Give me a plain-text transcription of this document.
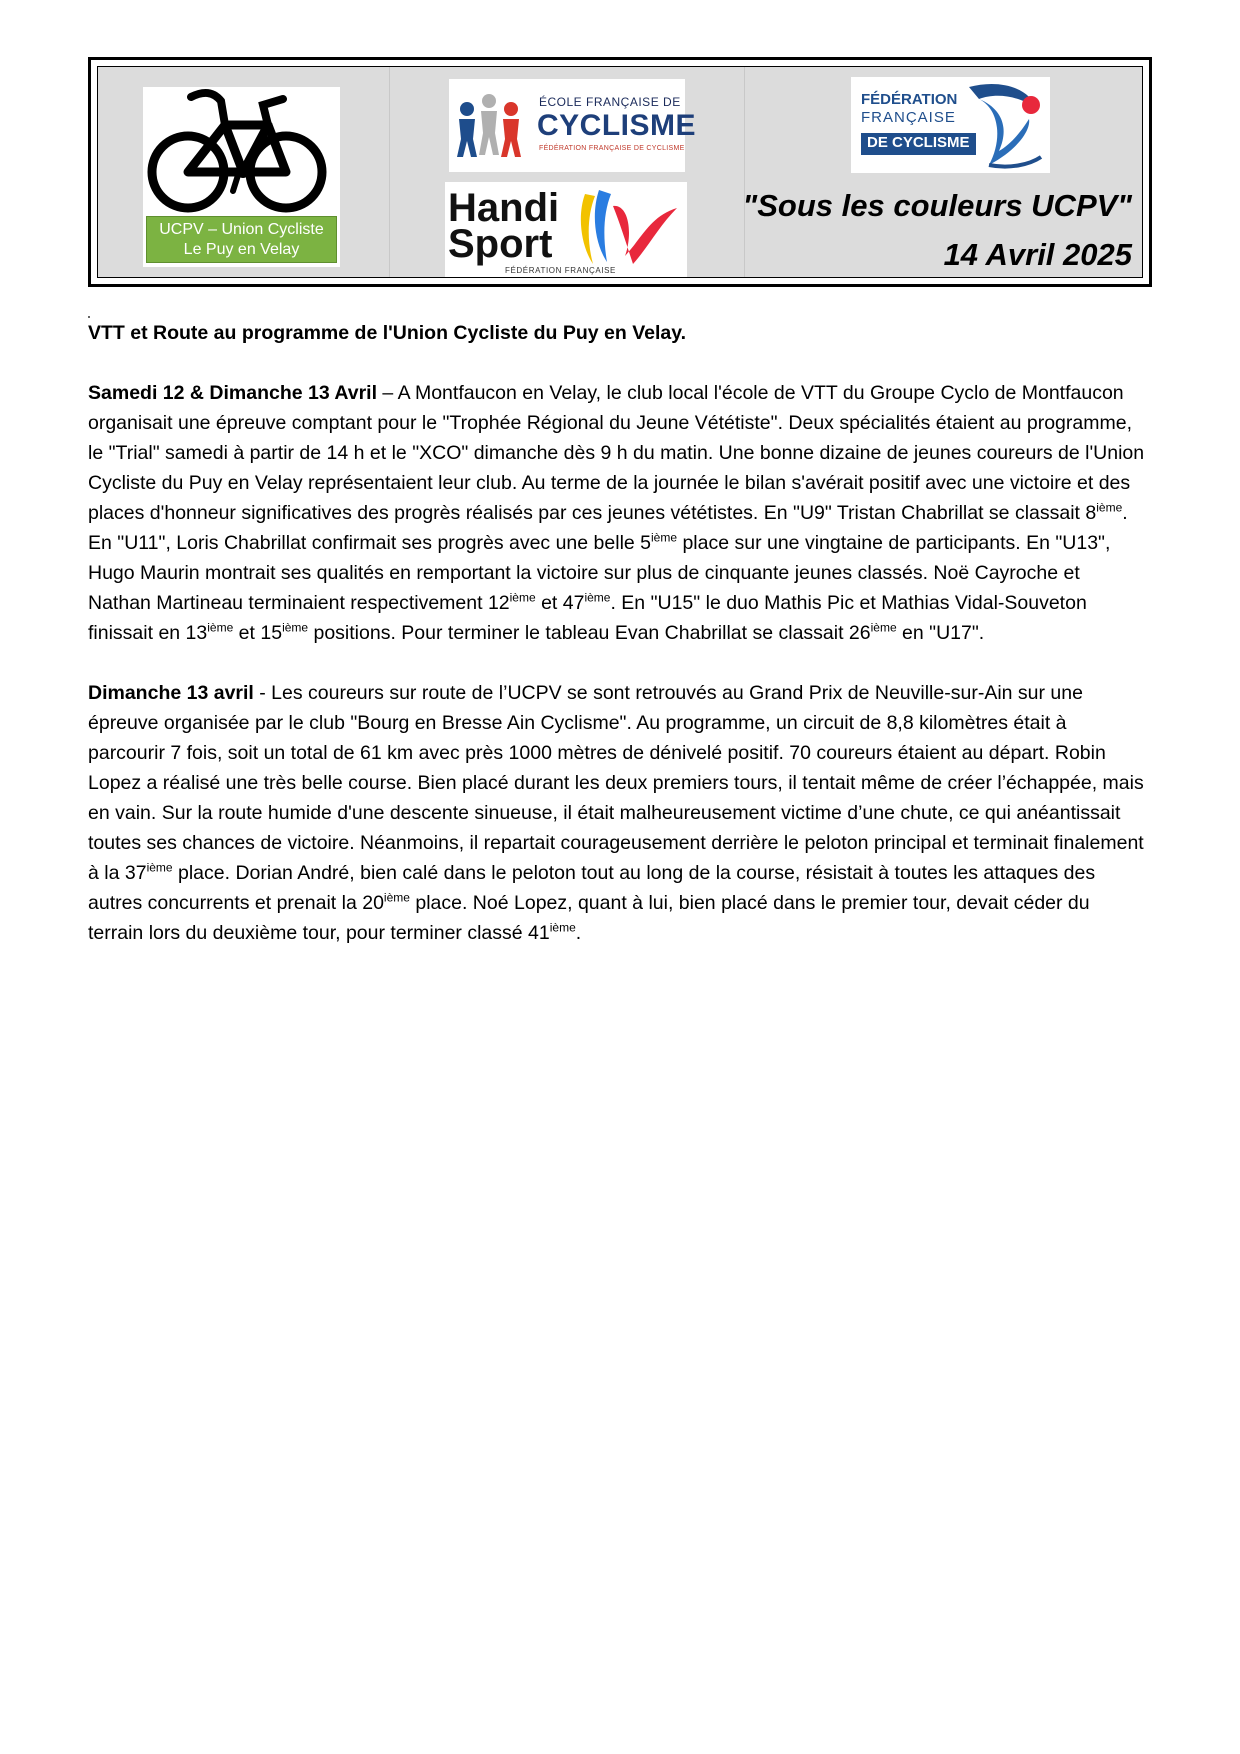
UCPV – Union Cycliste
Le Puy en Velay
ÉCOLE FRANÇAISE DE
CYCLISME
FÉDÉRATION FRANÇAISE DE CYCLISME
Handi
Sport
FÉDÉRATION FRANÇAISE
FÉDÉRATION
FRANÇAISE
DE CYCLISME
"Sous les couleurs UCPV"
14 Avril 2025

VTT et Route au programme de l'Union Cycliste du Puy en Velay.

Samedi 12 & Dimanche 13 Avril – A Montfaucon en Velay, le club local l'école de VTT du Groupe Cyclo de Montfaucon organisait une épreuve comptant pour le "Trophée Régional du Jeune Vététiste". Deux spécialités étaient au programme, le "Trial" samedi à partir de 14 h et le "XCO" dimanche dès 9 h du matin. Une bonne dizaine de jeunes coureurs de l'Union Cycliste du Puy en Velay représentaient leur club. Au terme de la journée le bilan s'avérait positif avec une victoire et des places d'honneur significatives des progrès réalisés par ces jeunes vététistes. En "U9" Tristan Chabrillat se classait 8ième. En "U11", Loris Chabrillat confirmait ses progrès avec une belle 5ième place sur une vingtaine de participants. En "U13", Hugo Maurin montrait ses qualités en remportant la victoire sur plus de cinquante jeunes classés. Noë Cayroche et Nathan Martineau terminaient respectivement 12ième et 47ième. En "U15" le duo Mathis Pic et Mathias Vidal-Souveton finissait en 13ième et 15ième positions. Pour terminer le tableau Evan Chabrillat se classait 26ième en "U17".

Dimanche 13 avril - Les coureurs sur route de l’UCPV se sont retrouvés au Grand Prix de Neuville-sur-Ain sur une épreuve organisée par le club "Bourg en Bresse Ain Cyclisme". Au programme, un circuit de 8,8 kilomètres était à parcourir 7 fois, soit un total de 61 km avec près 1000 mètres de dénivelé positif. 70 coureurs étaient au départ. Robin Lopez a réalisé une très belle course. Bien placé durant les deux premiers tours, il tentait même de créer l’échappée, mais en vain. Sur la route humide d'une descente sinueuse, il était malheureusement victime d’une chute, ce qui anéantissait toutes ses chances de victoire. Néanmoins, il repartait courageusement derrière le peloton principal et terminait finalement à la 37ième place. Dorian André, bien calé dans le peloton tout au long de la course, résistait à toutes les attaques des autres concurrents et prenait la 20ième place. Noé Lopez, quant à lui, bien placé dans le premier tour, devait céder du terrain lors du deuxième tour, pour terminer classé 41ième.
